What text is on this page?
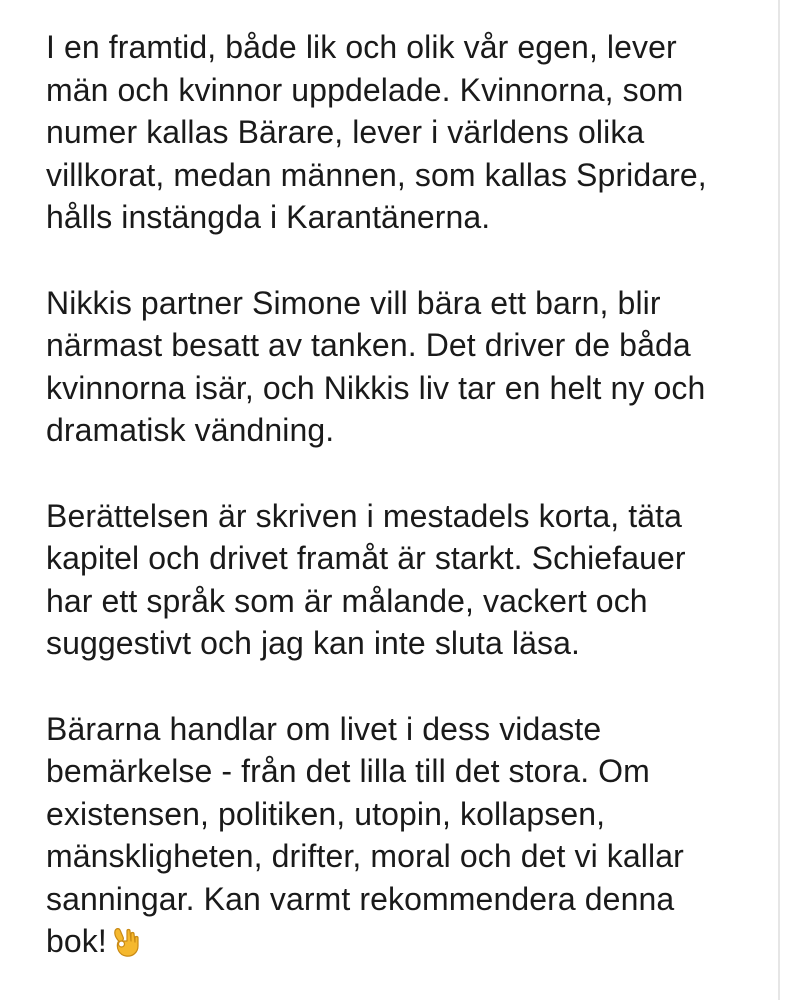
I en framtid, både lik och olik vår egen, lever
män och kvinnor uppdelade. Kvinnorna, som
numer kallas Bärare, lever i världens olika
villkorat, medan männen, som kallas Spridare,
hålls instängda i Karantänerna.

Nikkis partner Simone vill bära ett barn, blir
närmast besatt av tanken. Det driver de båda
kvinnorna isär, och Nikkis liv tar en helt ny och
dramatisk vändning.

Berättelsen är skriven i mestadels korta, täta
kapitel och drivet framåt är starkt. Schiefauer
har ett språk som är målande, vackert och
suggestivt och jag kan inte sluta läsa.

Bärarna handlar om livet i dess vidaste
bemärkelse - från det lilla till det stora. Om
existensen, politiken, utopin, kollapsen,
mänskligheten, drifter, moral och det vi kallar
sanningar. Kan varmt rekommendera denna
bok!
